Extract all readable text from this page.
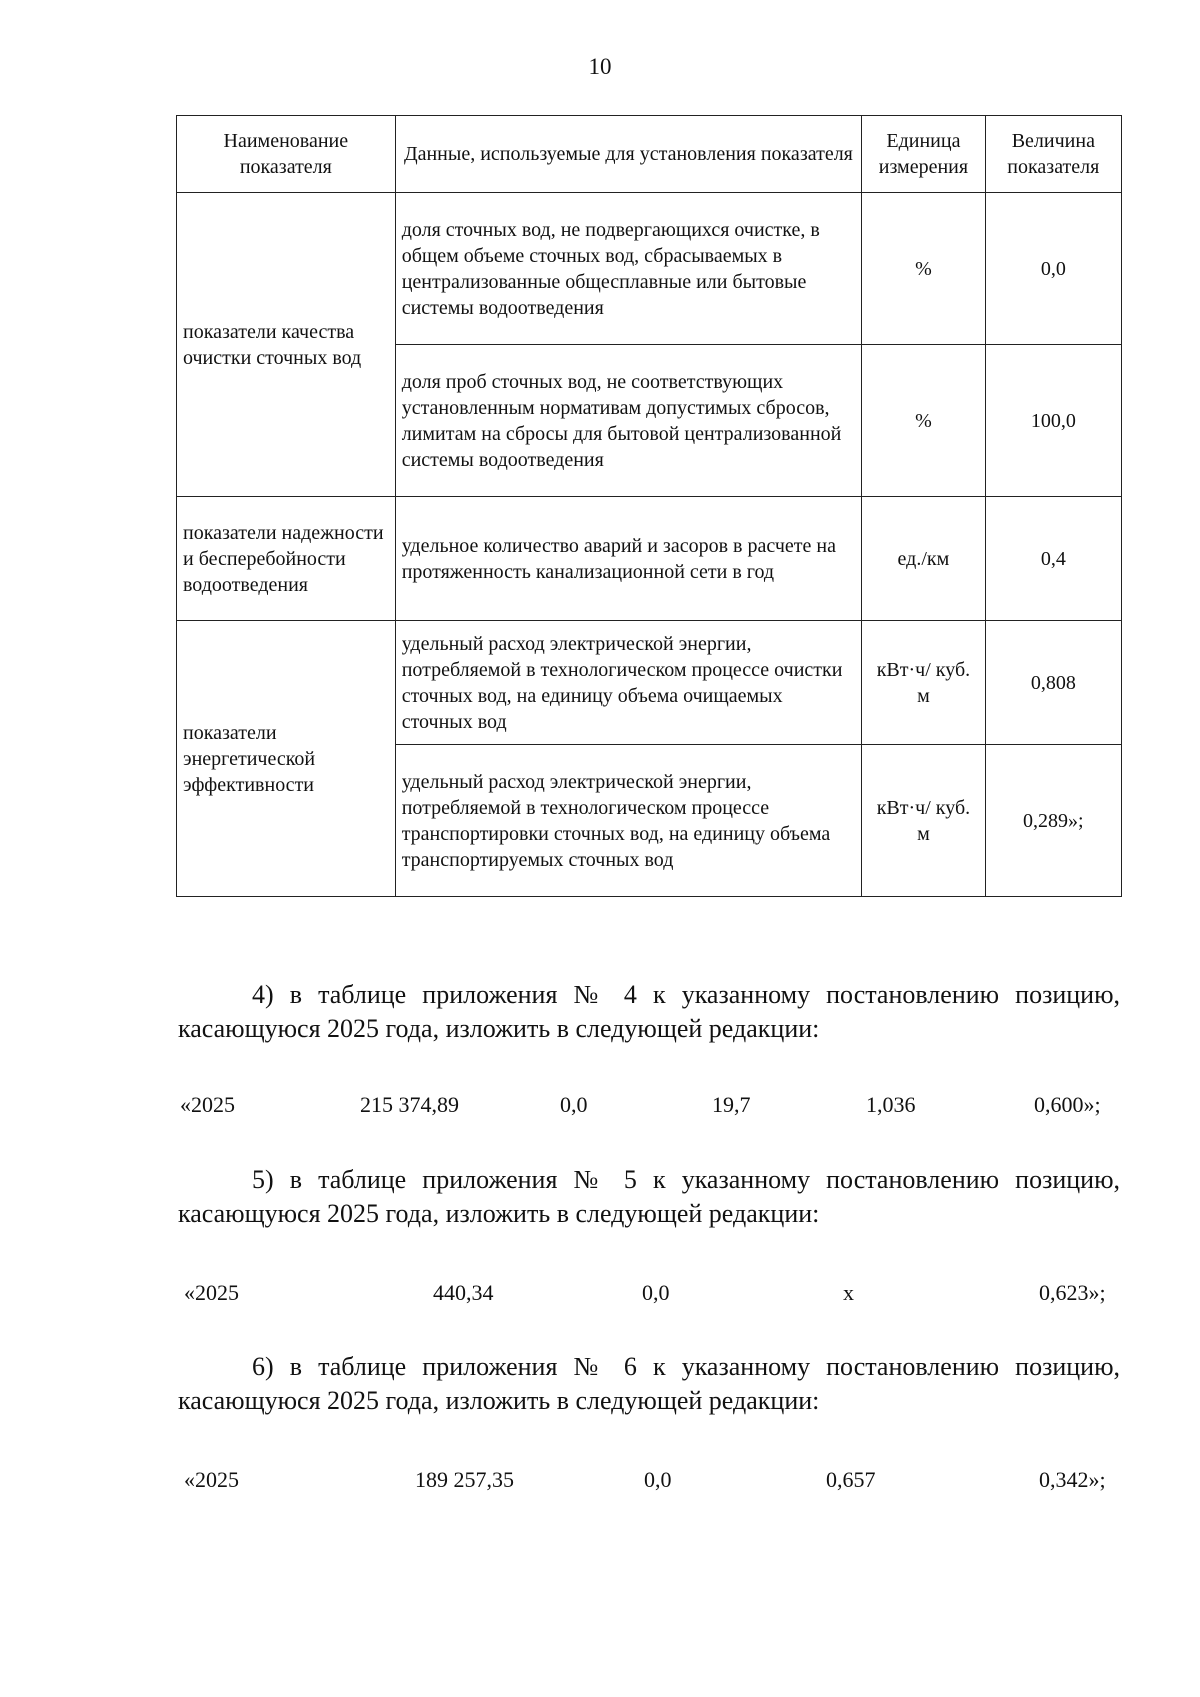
10
Наименование показателя	Данные, используемые для установления показателя	Единица измерения	Величина показателя
показатели качества очистки сточных вод	доля сточных вод, не подвергающихся очистке, в общем объеме сточных вод, сбрасываемых в централизованные общесплавные или бытовые системы водоотведения	%	0,0
	доля проб сточных вод, не соответствующих установленным нормативам допустимых сбросов, лимитам на сбросы для бытовой централизованной системы водоотведения	%	100,0
показатели надежности и бесперебойности водоотведения	удельное количество аварий и засоров в расчете на протяженность канализационной сети в год	ед./км	0,4
показатели энергетической эффективности	удельный расход электрической энергии, потребляемой в технологическом процессе очистки сточных вод, на единицу объема очищаемых сточных вод	кВт·ч/ куб. м	0,808
	удельный расход электрической энергии, потребляемой в технологическом процессе транспортировки сточных вод, на единицу объема транспортируемых сточных вод	кВт·ч/ куб. м	0,289»;
4) в таблице приложения № 4 к указанному постановлению позицию, касающуюся 2025 года, изложить в следующей редакции:
«2025	215 374,89	0,0	19,7	1,036	0,600»;
5) в таблице приложения № 5 к указанному постановлению позицию, касающуюся 2025 года, изложить в следующей редакции:
«2025	440,34	0,0	x	0,623»;
6) в таблице приложения № 6 к указанному постановлению позицию, касающуюся 2025 года, изложить в следующей редакции:
«2025	189 257,35	0,0	0,657	0,342»;
